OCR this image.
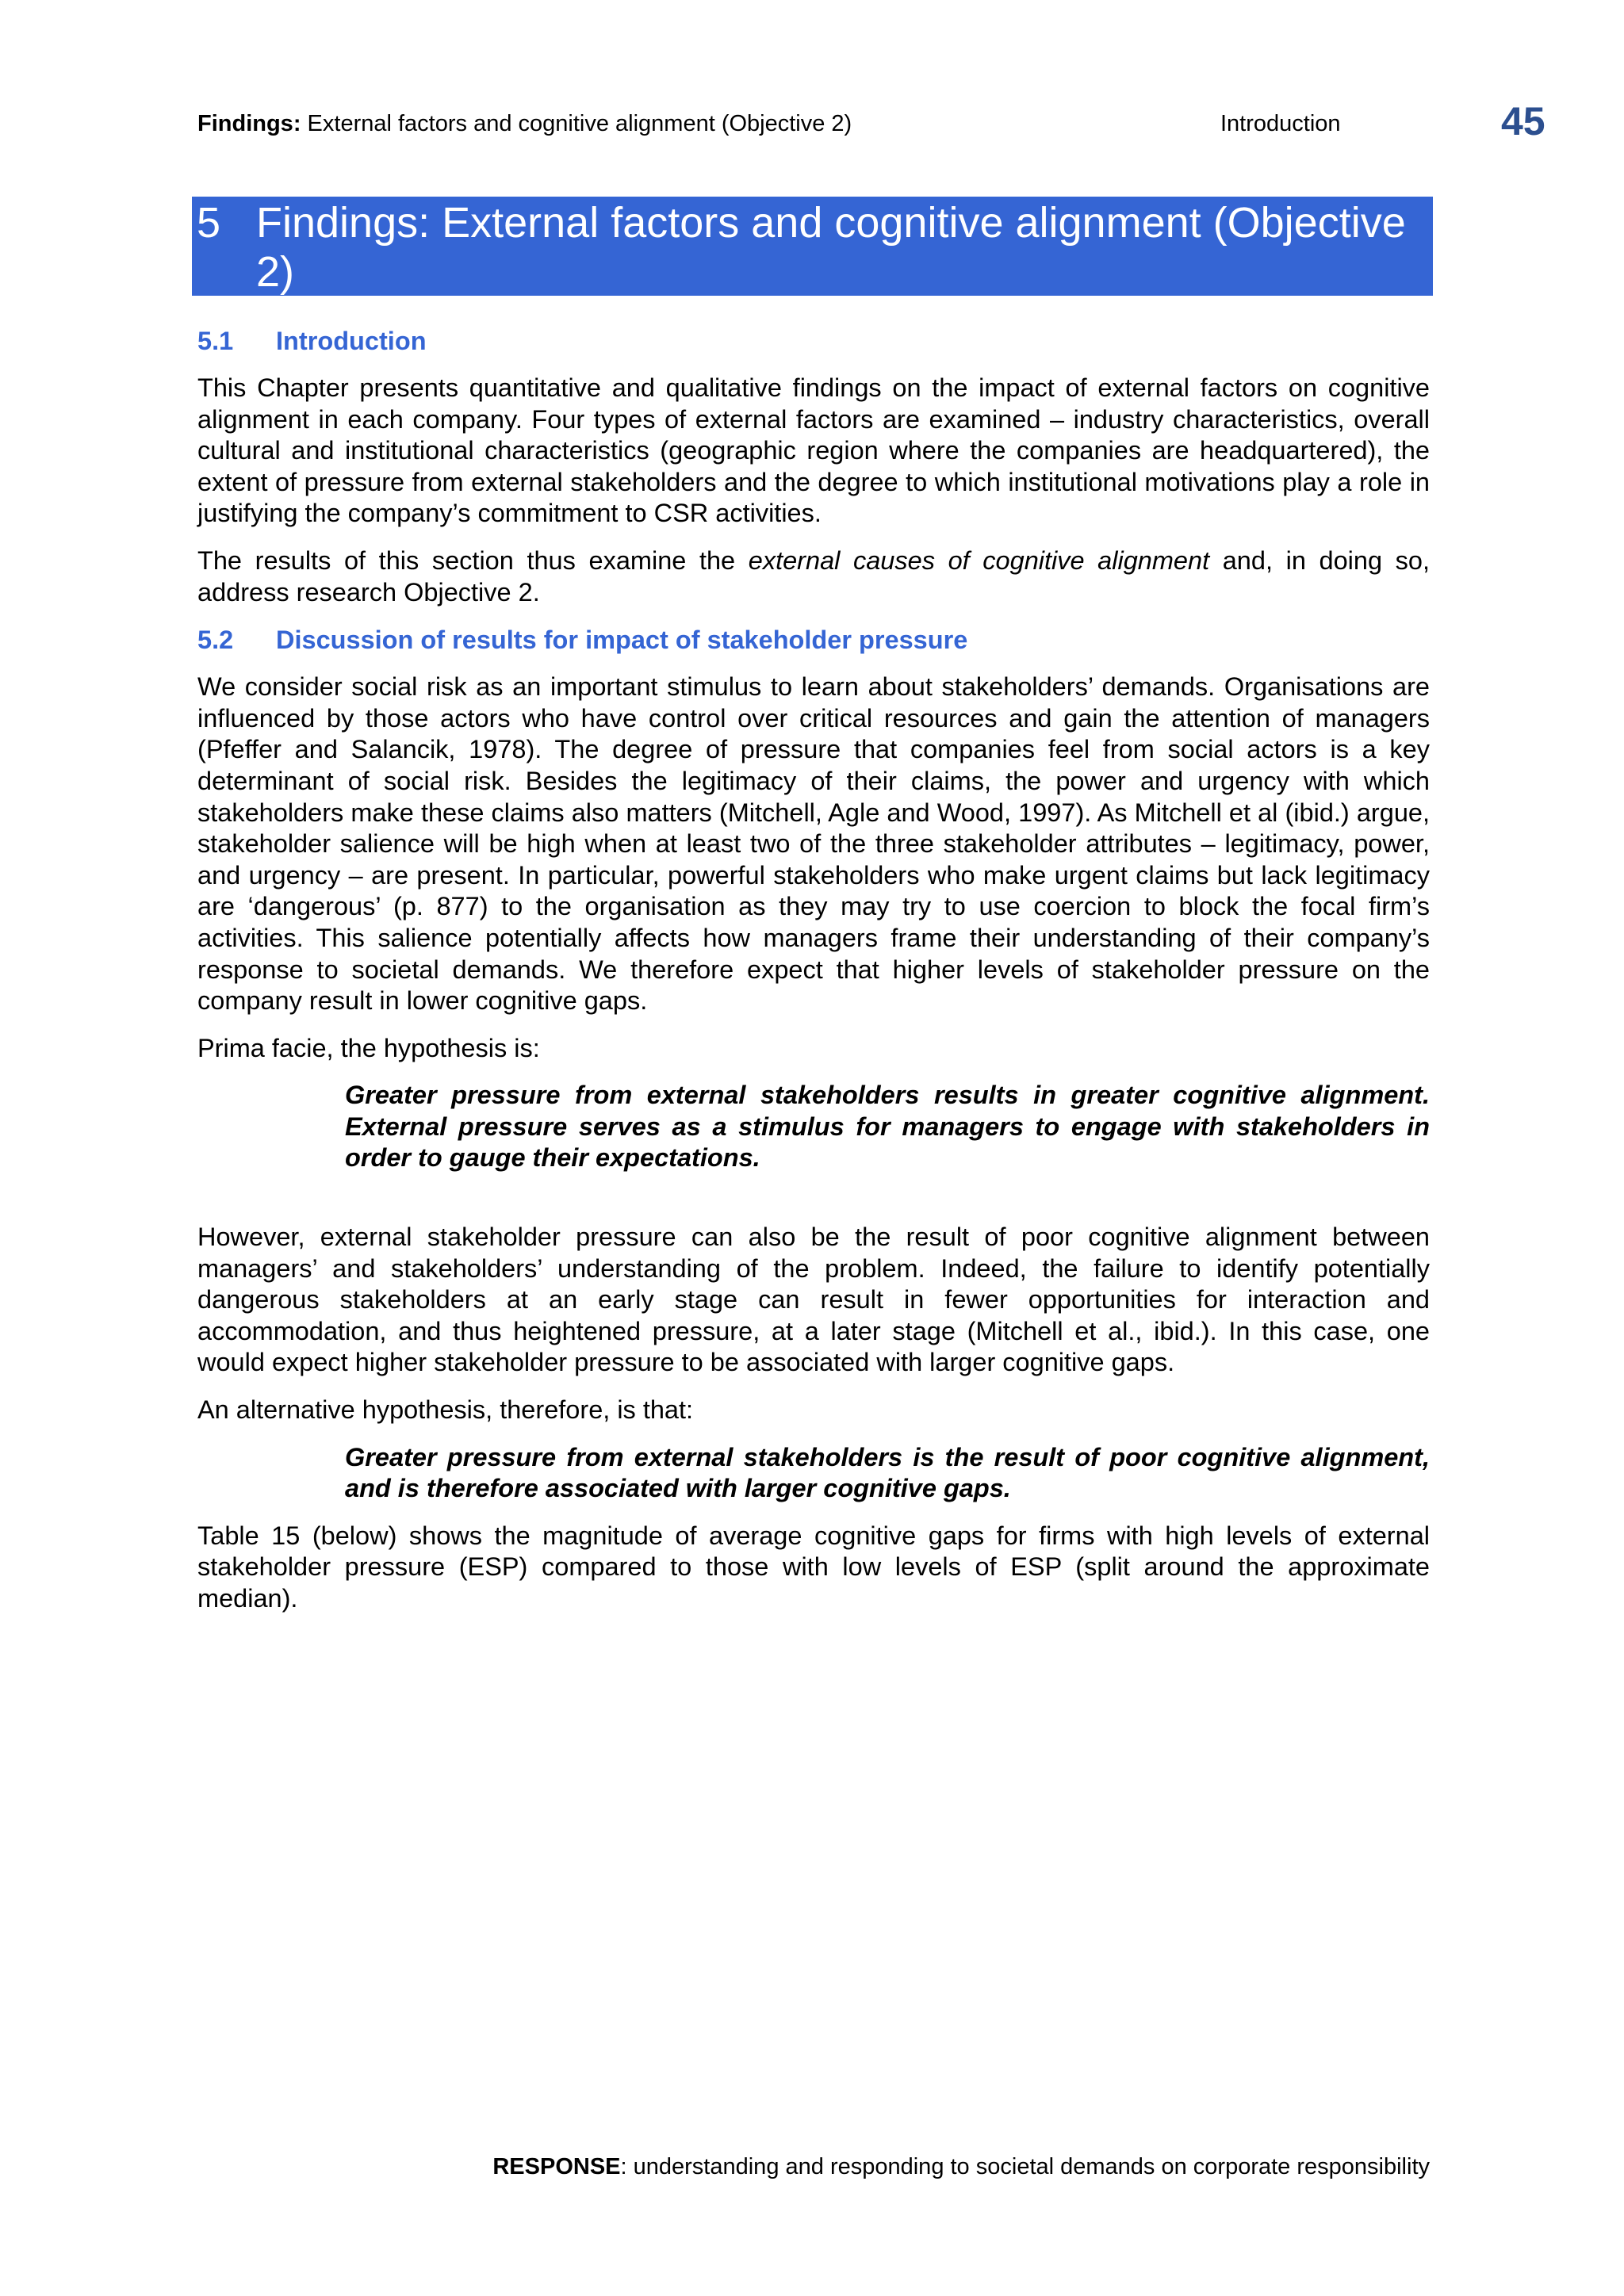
Findings: External factors and cognitive alignment (Objective 2)	Introduction	45
5 Findings: External factors and cognitive alignment (Objective 2)
5.1 Introduction

This Chapter presents quantitative and qualitative findings on the impact of external factors on cognitive alignment in each company. Four types of external factors are examined – industry characteristics, overall cultural and institutional characteristics (geographic region where the companies are headquartered), the extent of pressure from external stakeholders and the degree to which institutional motivations play a role in justifying the company’s commitment to CSR activities.

The results of this section thus examine the external causes of cognitive alignment and, in doing so, address research Objective 2.

5.2 Discussion of results for impact of stakeholder pressure

We consider social risk as an important stimulus to learn about stakeholders’ demands. Organisations are influenced by those actors who have control over critical resources and gain the attention of managers (Pfeffer and Salancik, 1978). The degree of pressure that companies feel from social actors is a key determinant of social risk. Besides the legitimacy of their claims, the power and urgency with which stakeholders make these claims also matters (Mitchell, Agle and Wood, 1997). As Mitchell et al (ibid.) argue, stakeholder salience will be high when at least two of the three stakeholder attributes – legitimacy, power, and urgency – are present. In particular, powerful stakeholders who make urgent claims but lack legitimacy are ‘dangerous’ (p. 877) to the organisation as they may try to use coercion to block the focal firm’s activities. This salience potentially affects how managers frame their understanding of their company’s response to societal demands. We therefore expect that higher levels of stakeholder pressure on the company result in lower cognitive gaps.

Prima facie, the hypothesis is:

Greater pressure from external stakeholders results in greater cognitive alignment. External pressure serves as a stimulus for managers to engage with stakeholders in order to gauge their expectations.

However, external stakeholder pressure can also be the result of poor cognitive alignment between managers’ and stakeholders’ understanding of the problem. Indeed, the failure to identify potentially dangerous stakeholders at an early stage can result in fewer opportunities for interaction and accommodation, and thus heightened pressure, at a later stage (Mitchell et al., ibid.). In this case, one would expect higher stakeholder pressure to be associated with larger cognitive gaps.

An alternative hypothesis, therefore, is that:

Greater pressure from external stakeholders is the result of poor cognitive alignment, and is therefore associated with larger cognitive gaps.

Table 15 (below) shows the magnitude of average cognitive gaps for firms with high levels of external stakeholder pressure (ESP) compared to those with low levels of ESP (split around the approximate median).

RESPONSE: understanding and responding to societal demands on corporate responsibility
